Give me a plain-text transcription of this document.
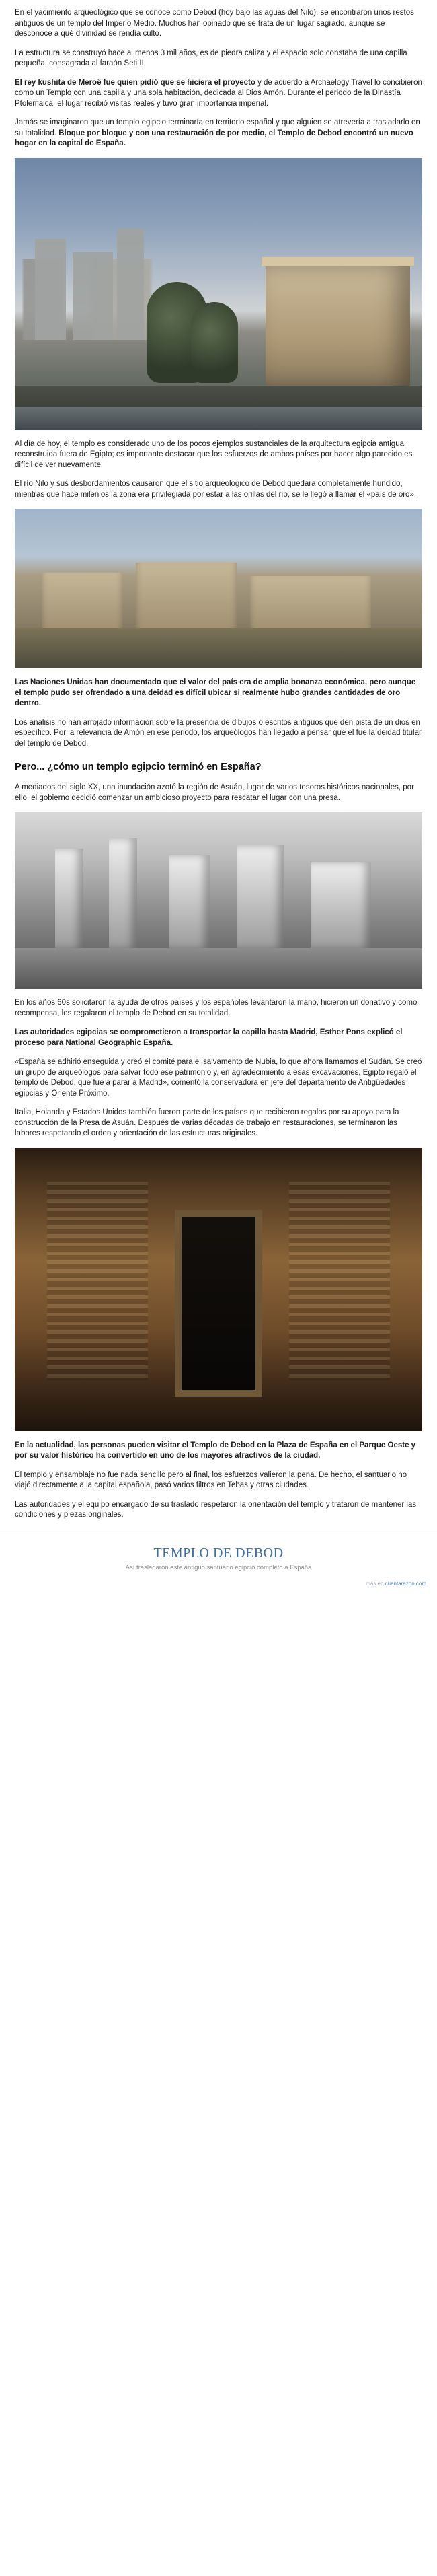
En el yacimiento arqueológico que se conoce como Debod (hoy bajo las aguas del Nilo), se encontraron unos restos antiguos de un templo del Imperio Medio. Muchos han opinado que se trata de un lugar sagrado, aunque se desconoce a qué divinidad se rendía culto.

La estructura se construyó hace al menos 3 mil años, es de piedra caliza y el espacio solo constaba de una capilla pequeña, consagrada al faraón Seti II.

El rey kushita de Meroë fue quien pidió que se hiciera el proyecto y de acuerdo a Archaelogy Travel lo concibieron como un Templo con una capilla y una sola habitación, dedicada al Dios Amón. Durante el periodo de la Dinastía Ptolemaica, el lugar recibió visitas reales y tuvo gran importancia imperial.

Jamás se imaginaron que un templo egipcio terminaría en territorio español y que alguien se atrevería a trasladarlo en su totalidad. Bloque por bloque y con una restauración de por medio, el Templo de Debod encontró un nuevo hogar en la capital de España.

Al día de hoy, el templo es considerado uno de los pocos ejemplos sustanciales de la arquitectura egipcia antigua reconstruida fuera de Egipto; es importante destacar que los esfuerzos de ambos países por hacer algo parecido es difícil de ver nuevamente.

El río Nilo y sus desbordamientos causaron que el sitio arqueológico de Debod quedara completamente hundido, mientras que hace milenios la zona era privilegiada por estar a las orillas del río, se le llegó a llamar el «país de oro».

Las Naciones Unidas han documentado que el valor del país era de amplia bonanza económica, pero aunque el templo pudo ser ofrendado a una deidad es difícil ubicar si realmente hubo grandes cantidades de oro dentro.

Los análisis no han arrojado información sobre la presencia de dibujos o escritos antiguos que den pista de un dios en específico. Por la relevancia de Amón en ese periodo, los arqueólogos han llegado a pensar que él fue la deidad titular del templo de Debod.

Pero... ¿cómo un templo egipcio terminó en España?

A mediados del siglo XX, una inundación azotó la región de Asuán, lugar de varios tesoros históricos nacionales, por ello, el gobierno decidió comenzar un ambicioso proyecto para rescatar el lugar con una presa.

En los años 60s solicitaron la ayuda de otros países y los españoles levantaron la mano, hicieron un donativo y como recompensa, les regalaron el templo de Debod en su totalidad.

Las autoridades egipcias se comprometieron a transportar la capilla hasta Madrid, Esther Pons explicó el proceso para National Geographic España.

«España se adhirió enseguida y creó el comité para el salvamento de Nubia, lo que ahora llamamos el Sudán. Se creó un grupo de arqueólogos para salvar todo ese patrimonio y, en agradecimiento a esas excavaciones, Egipto regaló el templo de Debod, que fue a parar a Madrid», comentó la conservadora en jefe del departamento de Antigüedades egipcias y Oriente Próximo.

Italia, Holanda y Estados Unidos también fueron parte de los países que recibieron regalos por su apoyo para la construcción de la Presa de Asuán. Después de varias décadas de trabajo en restauraciones, se terminaron las labores respetando el orden y orientación de las estructuras originales.

En la actualidad, las personas pueden visitar el Templo de Debod en la Plaza de España en el Parque Oeste y por su valor histórico ha convertido en uno de los mayores atractivos de la ciudad.

El templo y ensamblaje no fue nada sencillo pero al final, los esfuerzos valieron la pena. De hecho, el santuario no viajó directamente a la capital española, pasó varios filtros en Tebas y otras ciudades.

Las autoridades y el equipo encargado de su traslado respetaron la orientación del templo y trataron de mantener las condiciones y piezas originales.

TEMPLO DE DEBOD
Así trasladaron este antiguo santuario egipcio completo a España
más en cuantarazon.com
